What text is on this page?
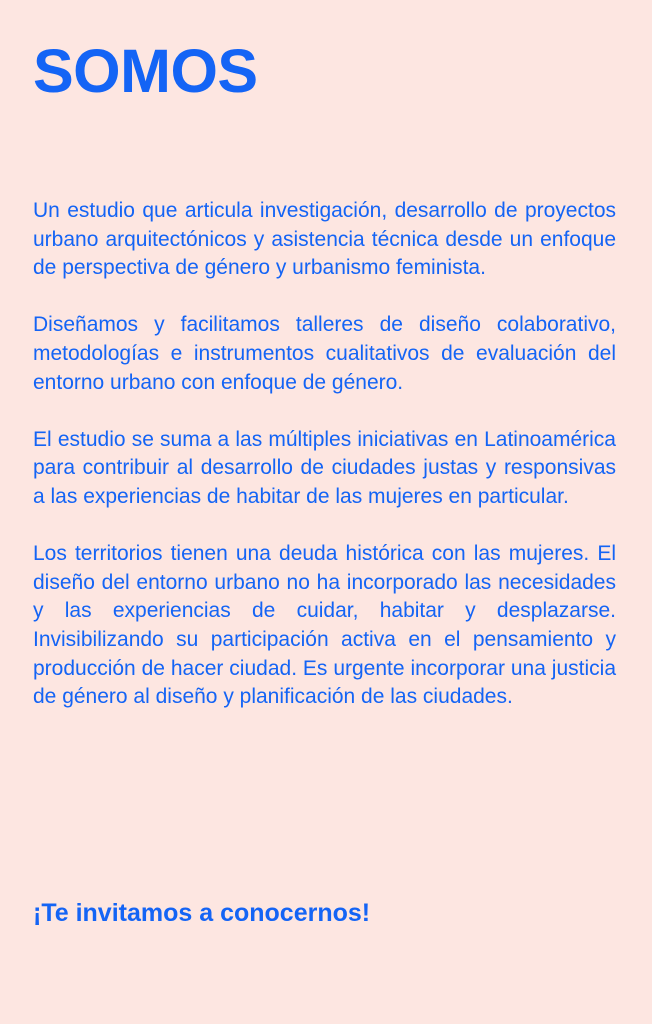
SOMOS

Un estudio que articula investigación, desarrollo de proyectos urbano arquitectónicos y asistencia técnica desde un enfoque de perspectiva de género y urbanismo feminista.

Diseñamos y facilitamos talleres de diseño colaborativo, metodologías e instrumentos cualitativos de evaluación del entorno urbano con enfoque de género.

El estudio se suma a las múltiples iniciativas en Latinoamérica para contribuir al desarrollo de ciudades justas y responsivas a las experiencias de habitar de las mujeres en particular.

Los territorios tienen una deuda histórica con las mujeres. El diseño del entorno urbano no ha incorporado las necesidades y las experiencias de cuidar, habitar y desplazarse. Invisibilizando su participación activa en el pensamiento y producción de hacer ciudad. Es urgente incorporar una justicia de género al diseño y planificación de las ciudades.

¡Te invitamos a conocernos!
